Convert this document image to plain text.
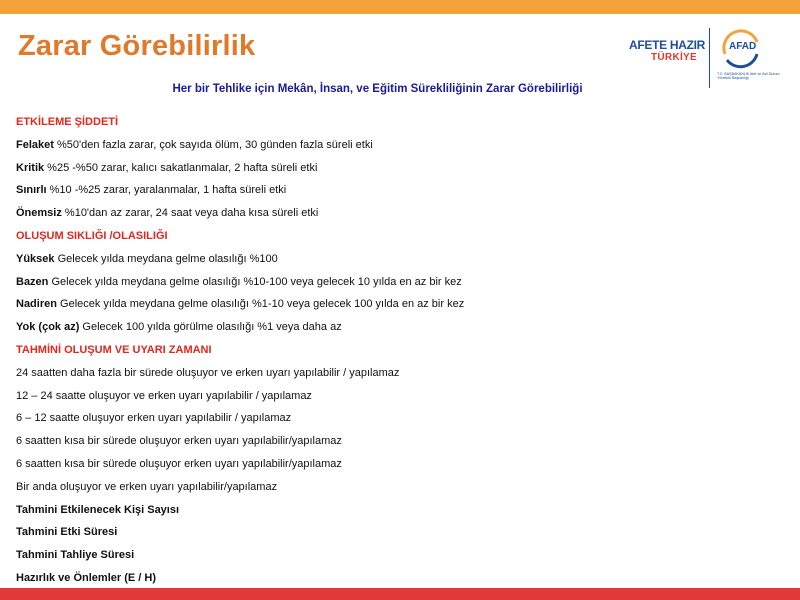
Zarar Görebilirlik	AFETE HAZIR
TÜRKİYE
AFAD
T.C. BAŞBAKANLIK Afet ve Acil Durum Yönetimi Başkanlığı
Her bir Tehlike için Mekân, İnsan, ve Eğitim Sürekliliğinin Zarar Görebilirliği
ETKİLEME ŞİDDETİ
Felaket %50'den fazla zarar, çok sayıda ölüm, 30 günden fazla süreli etki
Kritik %25 -%50 zarar, kalıcı sakatlanmalar, 2 hafta süreli etki
Sınırlı %10 -%25 zarar, yaralanmalar, 1 hafta süreli etki
Önemsiz %10'dan az zarar, 24 saat veya daha kısa süreli etki
OLUŞUM SIKLIĞI /OLASILIĞI
Yüksek Gelecek yılda meydana gelme olasılığı %100
Bazen Gelecek yılda meydana gelme olasılığı %10-100 veya gelecek 10 yılda en az bir kez
Nadiren Gelecek yılda meydana gelme olasılığı %1-10 veya gelecek 100 yılda en az bir kez
Yok (çok az) Gelecek 100 yılda görülme olasılığı %1 veya daha az
TAHMİNİ OLUŞUM VE UYARI ZAMANI
24 saatten daha fazla bir sürede oluşuyor ve erken uyarı yapılabilir / yapılamaz
12 – 24 saatte oluşuyor ve erken uyarı yapılabilir / yapılamaz
6 – 12 saatte oluşuyor erken uyarı yapılabilir / yapılamaz
6 saatten kısa bir sürede oluşuyor erken uyarı yapılabilir/yapılamaz
6 saatten kısa bir sürede oluşuyor erken uyarı yapılabilir/yapılamaz
Bir anda oluşuyor ve erken uyarı yapılabilir/yapılamaz
Tahmini Etkilenecek Kişi Sayısı
Tahmini Etki Süresi
Tahmini Tahliye Süresi
Hazırlık ve Önlemler (E / H)
